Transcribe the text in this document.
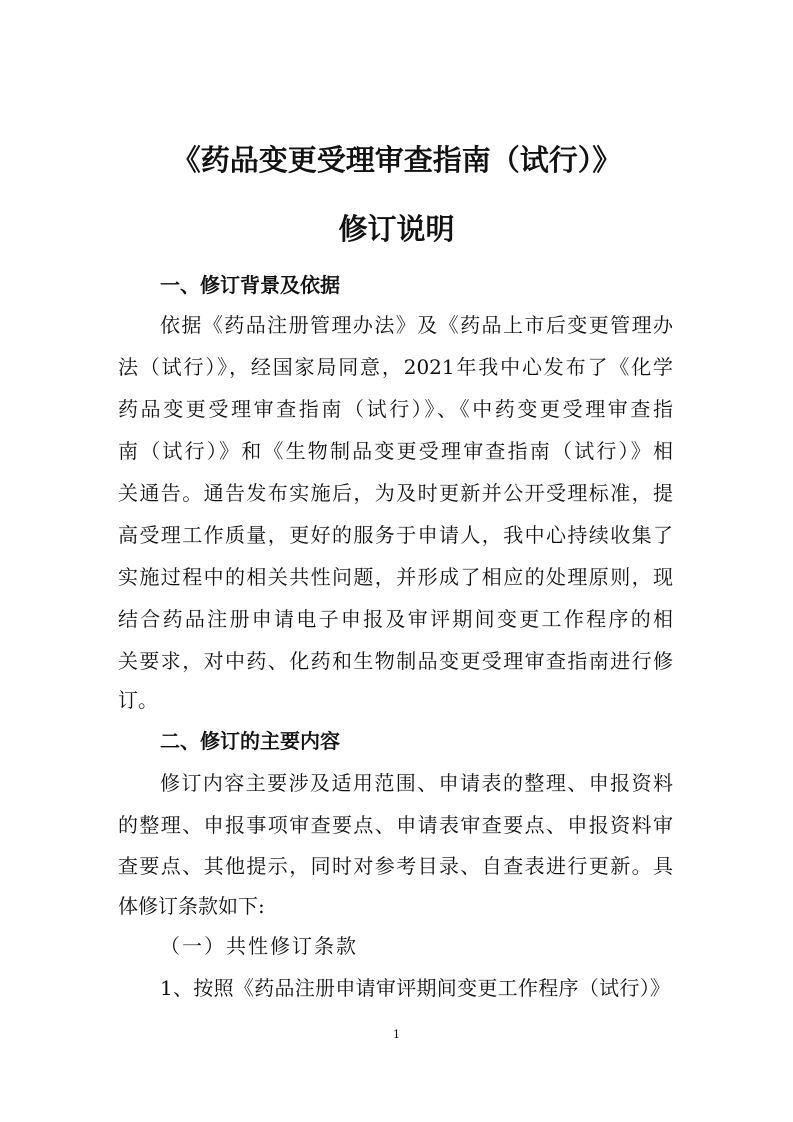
《药品变更受理审查指南（试行）》
修订说明
一、修订背景及依据
依据《药品注册管理办法》及《药品上市后变更管理办
法（试行）》，经国家局同意，2021年我中心发布了《化学
药品变更受理审查指南（试行）》、《中药变更受理审查指
南（试行）》和《生物制品变更受理审查指南（试行）》相
关通告。通告发布实施后，为及时更新并公开受理标准，提
高受理工作质量，更好的服务于申请人，我中心持续收集了
实施过程中的相关共性问题，并形成了相应的处理原则，现
结合药品注册申请电子申报及审评期间变更工作程序的相
关要求，对中药、化药和生物制品变更受理审查指南进行修
订。
二、修订的主要内容
修订内容主要涉及适用范围、申请表的整理、申报资料
的整理、申报事项审查要点、申请表审查要点、申报资料审
查要点、其他提示，同时对参考目录、自查表进行更新。具
体修订条款如下:
（一）共性修订条款
1、按照《药品注册申请审评期间变更工作程序（试行）》
1
